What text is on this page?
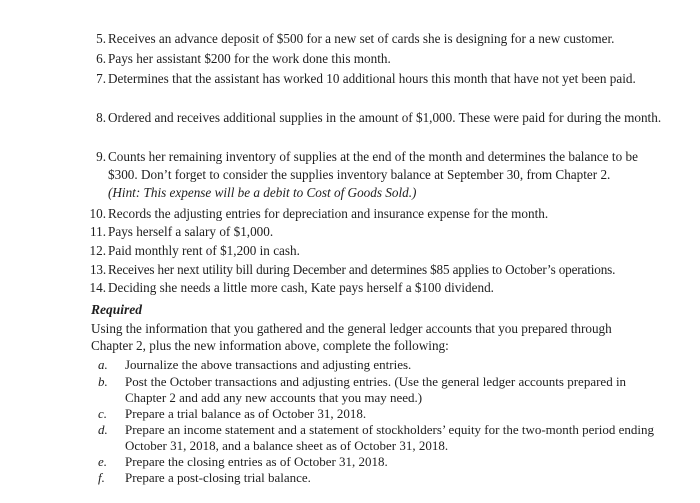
5. Receives an advance deposit of $500 for a new set of cards she is designing for a new customer.
6. Pays her assistant $200 for the work done this month.
7. Determines that the assistant has worked 10 additional hours this month that have not yet been paid.
8. Ordered and receives additional supplies in the amount of $1,000. These were paid for during the month.
9. Counts her remaining inventory of supplies at the end of the month and determines the balance to be $300. Don’t forget to consider the supplies inventory balance at September 30, from Chapter 2.
(Hint: This expense will be a debit to Cost of Goods Sold.)
10. Records the adjusting entries for depreciation and insurance expense for the month.
11. Pays herself a salary of $1,000.
12. Paid monthly rent of $1,200 in cash.
13. Receives her next utility bill during December and determines $85 applies to October’s operations.
14. Deciding she needs a little more cash, Kate pays herself a $100 dividend.
Required
Using the information that you gathered and the general ledger accounts that you prepared through Chapter 2, plus the new information above, complete the following:
a.	Journalize the above transactions and adjusting entries.
b.	Post the October transactions and adjusting entries. (Use the general ledger accounts prepared in Chapter 2 and add any new accounts that you may need.)
c.	Prepare a trial balance as of October 31, 2018.
d.	Prepare an income statement and a statement of stockholders’ equity for the two-month period ending October 31, 2018, and a balance sheet as of October 31, 2018.
e.	Prepare the closing entries as of October 31, 2018.
f.	Prepare a post-closing trial balance.
